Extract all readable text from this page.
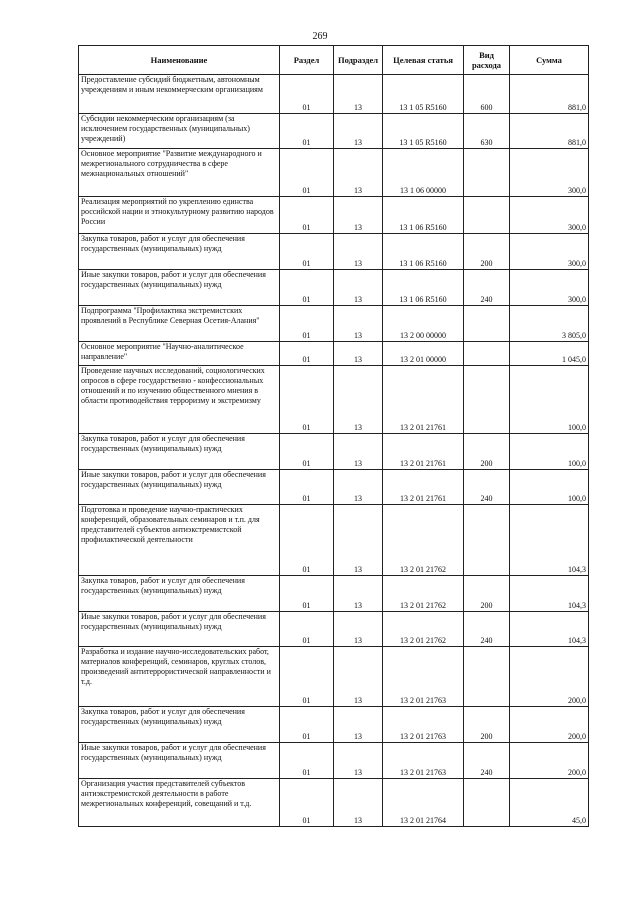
269
Наименование	Раздел	Подраздел	Целевая статья	Вид расхода	Сумма
Предоставление субсидий бюджетным, автономным учреждениям и иным некоммерческим организациям	01	13	13 1 05 R5160	600	881,0
Субсидии некоммерческим организациям (за исключением государственных (муниципальных) учреждений)	01	13	13 1 05 R5160	630	881,0
Основное мероприятие "Развитие международного и межрегионального сотрудничества в сфере межнациональных отношений"	01	13	13 1 06 00000		300,0
Реализация мероприятий по укреплению единства российской нации и этнокультурному развитию народов России	01	13	13 1 06 R5160		300,0
Закупка товаров, работ и услуг для обеспечения государственных (муниципальных) нужд	01	13	13 1 06 R5160	200	300,0
Иные закупки товаров, работ и услуг для обеспечения государственных (муниципальных) нужд	01	13	13 1 06 R5160	240	300,0
Подпрограмма "Профилактика экстремистских проявлений в Республике Северная Осетия-Алания"	01	13	13 2 00 00000		3 805,0
Основное мероприятие "Научно-аналитическое направление"	01	13	13 2 01 00000		1 045,0
Проведение научных исследований, социологических опросов в сфере государственно - конфессиональных отношений и по изучению общественного мнения в области противодействия терроризму и экстремизму	01	13	13 2 01 21761		100,0
Закупка товаров, работ и услуг для обеспечения государственных (муниципальных) нужд	01	13	13 2 01 21761	200	100,0
Иные закупки товаров, работ и услуг для обеспечения государственных (муниципальных) нужд	01	13	13 2 01 21761	240	100,0
Подготовка и проведение научно-практических конференций, образовательных семинаров и т.п. для представителей субъектов антиэкстремистской профилактической деятельности	01	13	13 2 01 21762		104,3
Закупка товаров, работ и услуг для обеспечения государственных (муниципальных) нужд	01	13	13 2 01 21762	200	104,3
Иные закупки товаров, работ и услуг для обеспечения государственных (муниципальных) нужд	01	13	13 2 01 21762	240	104,3
Разработка и издание научно-исследовательских работ, материалов конференций, семинаров, круглых столов, произведений антитеррористической направленности и т.д.	01	13	13 2 01 21763		200,0
Закупка товаров, работ и услуг для обеспечения государственных (муниципальных) нужд	01	13	13 2 01 21763	200	200,0
Иные закупки товаров, работ и услуг для обеспечения государственных (муниципальных) нужд	01	13	13 2 01 21763	240	200,0
Организация участия представителей субъектов антиэкстремистской деятельности в работе межрегиональных конференций, совещаний и т.д.	01	13	13 2 01 21764		45,0
